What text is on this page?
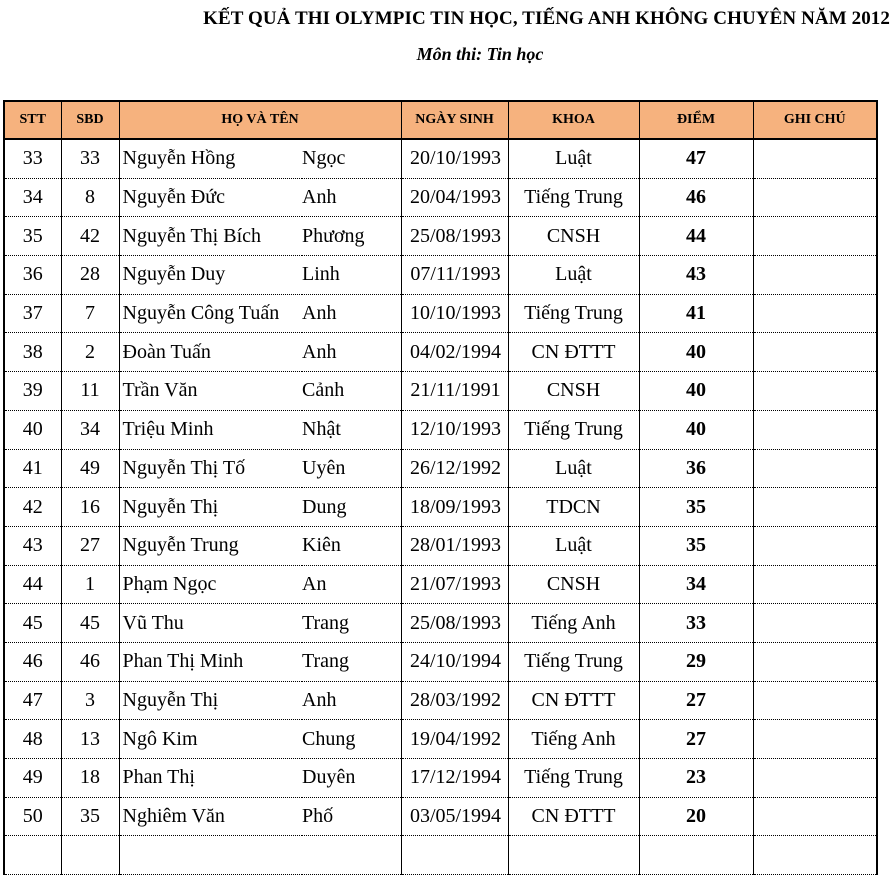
KẾT QUẢ THI OLYMPIC TIN HỌC, TIẾNG ANH KHÔNG CHUYÊN NĂM 2012
Môn thi: Tin học
STT	SBD	HỌ VÀ TÊN		NGÀY SINH	KHOA	ĐIỂM	GHI CHÚ
33	33	Nguyễn Hồng	Ngọc	20/10/1993	Luật	47	
34	8	Nguyễn Đức	Anh	20/04/1993	Tiếng Trung	46	
35	42	Nguyễn Thị Bích	Phương	25/08/1993	CNSH	44	
36	28	Nguyễn Duy	Linh	07/11/1993	Luật	43	
37	7	Nguyễn Công Tuấn	Anh	10/10/1993	Tiếng Trung	41	
38	2	Đoàn Tuấn	Anh	04/02/1994	CN ĐTTT	40	
39	11	Trần Văn	Cảnh	21/11/1991	CNSH	40	
40	34	Triệu Minh	Nhật	12/10/1993	Tiếng Trung	40	
41	49	Nguyễn Thị Tố	Uyên	26/12/1992	Luật	36	
42	16	Nguyễn Thị	Dung	18/09/1993	TDCN	35	
43	27	Nguyễn Trung	Kiên	28/01/1993	Luật	35	
44	1	Phạm Ngọc	An	21/07/1993	CNSH	34	
45	45	Vũ Thu	Trang	25/08/1993	Tiếng Anh	33	
46	46	Phan Thị Minh	Trang	24/10/1994	Tiếng Trung	29	
47	3	Nguyễn Thị	Anh	28/03/1992	CN ĐTTT	27	
48	13	Ngô Kim	Chung	19/04/1992	Tiếng Anh	27	
49	18	Phan Thị	Duyên	17/12/1994	Tiếng Trung	23	
50	35	Nghiêm Văn	Phố	03/05/1994	CN ĐTTT	20	
